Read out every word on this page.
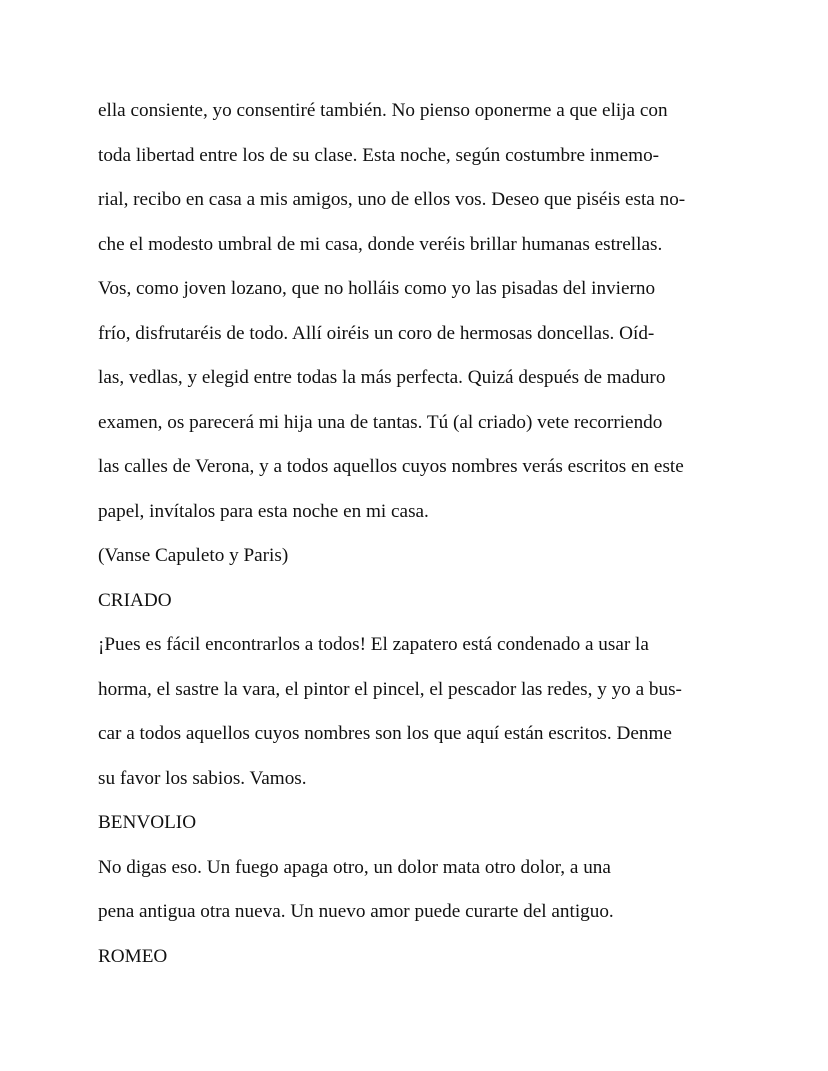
ella consiente, yo consentiré también. No pienso oponerme a que elija con
toda libertad entre los de su clase. Esta noche, según costumbre inmemo-
rial, recibo en casa a mis amigos, uno de ellos vos. Deseo que piséis esta no-
che el modesto umbral de mi casa, donde veréis brillar humanas estrellas.
Vos, como joven lozano, que no holláis como yo las pisadas del invierno
frío, disfrutaréis de todo. Allí oiréis un coro de hermosas doncellas. Oíd-
las, vedlas, y elegid entre todas la más perfecta. Quizá después de maduro
examen, os parecerá mi hija una de tantas. Tú (al criado) vete recorriendo
las calles de Verona, y a todos aquellos cuyos nombres verás escritos en este
papel, invítalos para esta noche en mi casa.
(Vanse Capuleto y Paris)
CRIADO
¡Pues es fácil encontrarlos a todos! El zapatero está condenado a usar la
horma, el sastre la vara, el pintor el pincel, el pescador las redes, y yo a bus-
car a todos aquellos cuyos nombres son los que aquí están escritos. Denme
su favor los sabios. Vamos.
BENVOLIO
No digas eso. Un fuego apaga otro, un dolor mata otro dolor, a una
pena antigua otra nueva. Un nuevo amor puede curarte del antiguo.
ROMEO
